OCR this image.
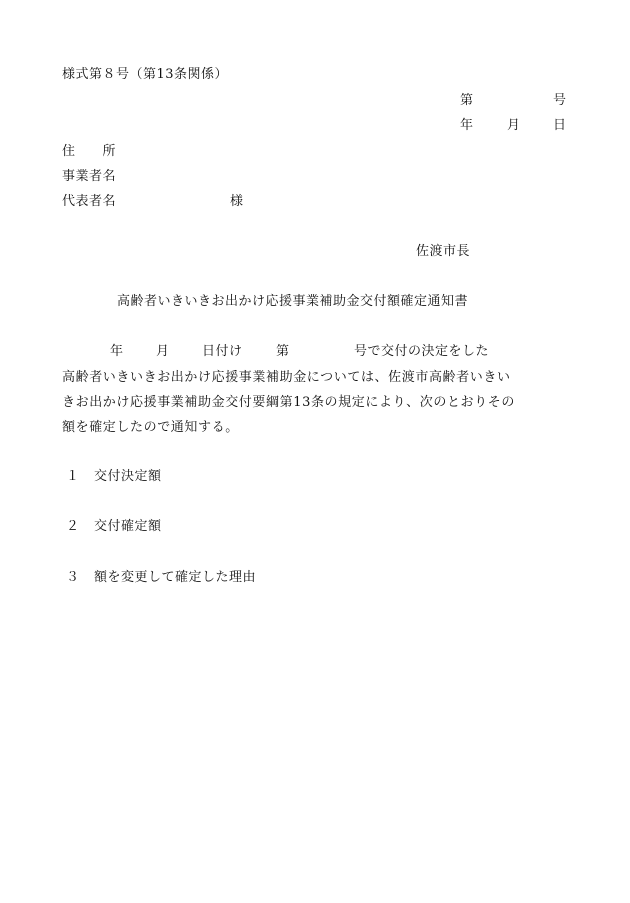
様式第８号（第13条関係）
第	号
年	月	日
住　　所
事業者名
代表者名	様
佐渡市長
高齢者いきいきお出かけ応援事業補助金交付額確定通知書
年	月	日付け	第	号で交付の決定をした
高齢者いきいきお出かけ応援事業補助金については、佐渡市高齢者いきい
きお出かけ応援事業補助金交付要綱第13条の規定により、次のとおりその
額を確定したので通知する。
１ 交付決定額
２ 交付確定額
３ 額を変更して確定した理由
